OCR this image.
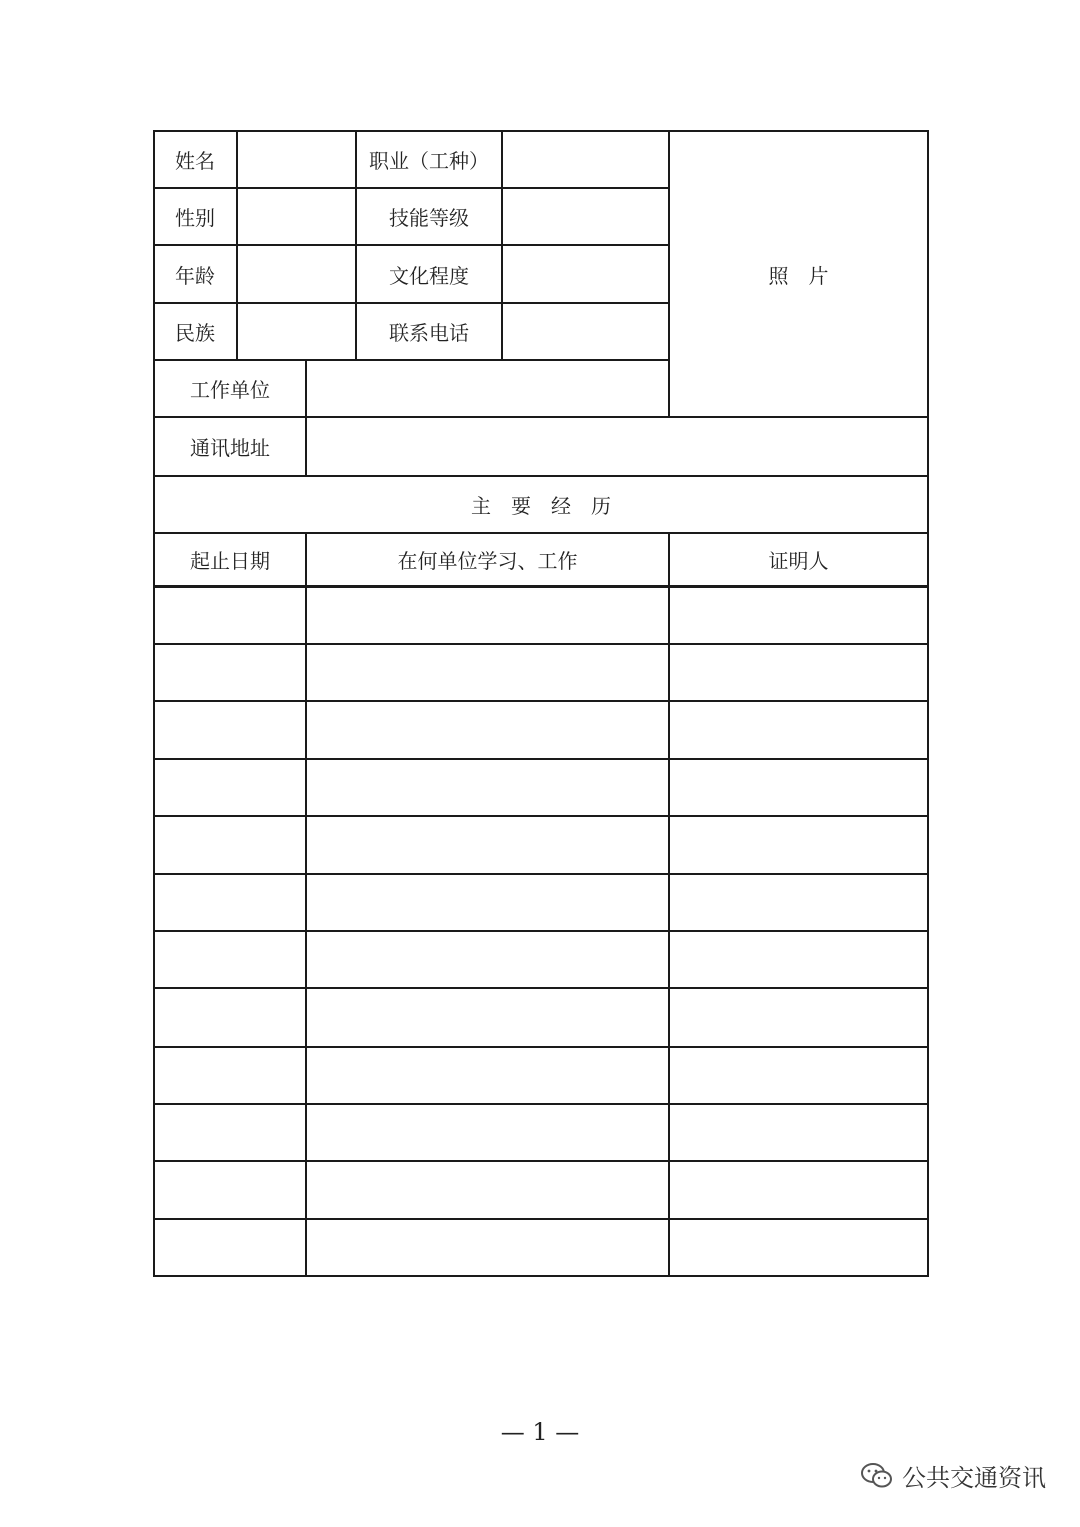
姓名			职业（工种）		照　片
性别			技能等级		
年龄			文化程度		
民族			联系电话		
工作单位					
通讯地址					
主　要　经　历					
起止日期		在何单位学习、工作			证明人

— 1 —
公共交通资讯
